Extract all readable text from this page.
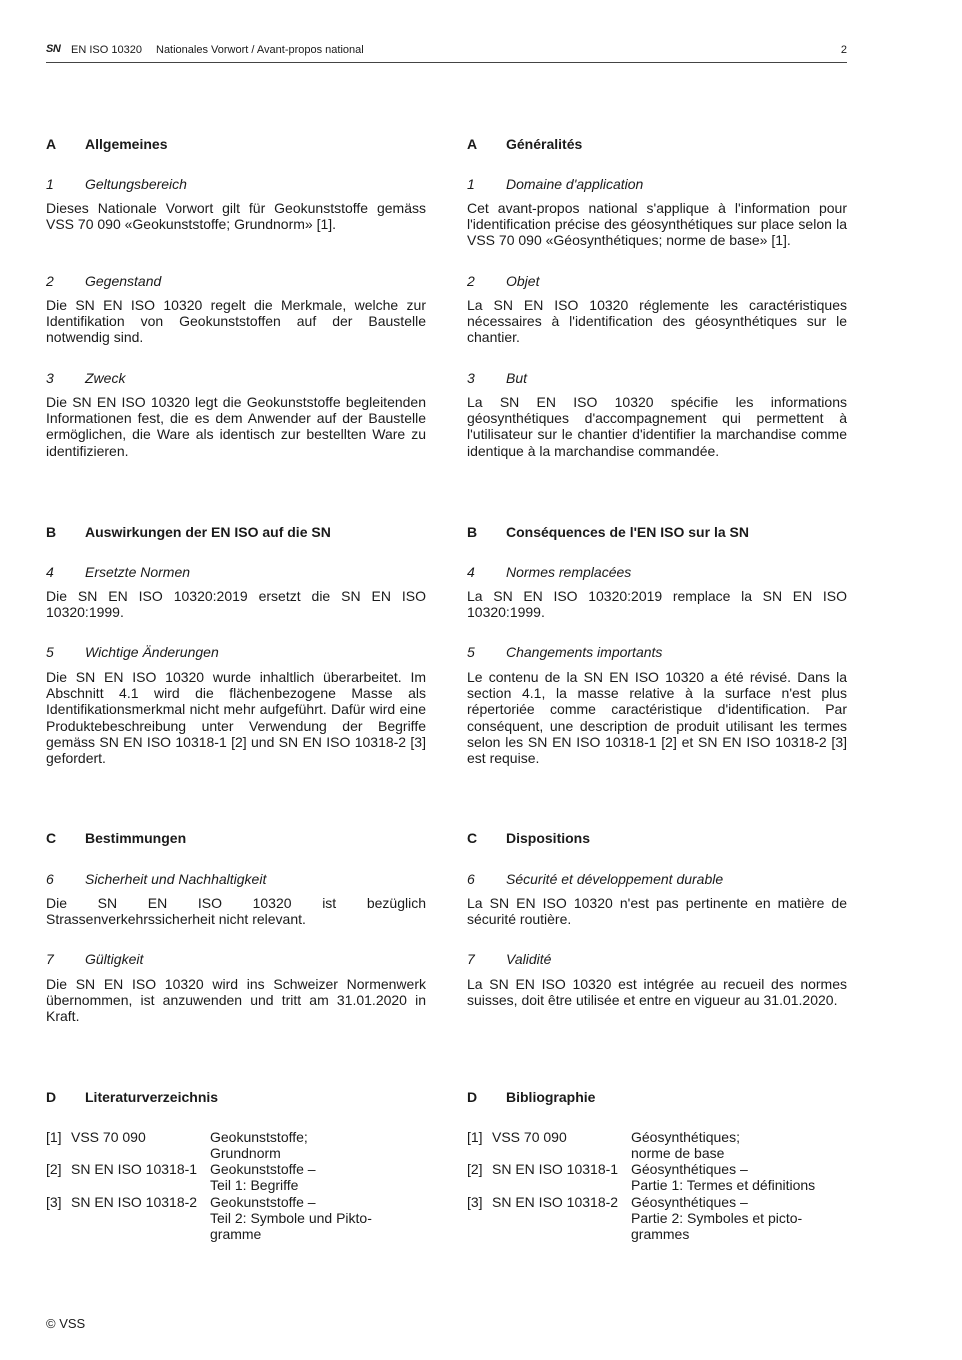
SN EN ISO 10320 Nationales Vorwort / Avant-propos national	2
A Allgemeines

1 Geltungsbereich

Dieses Nationale Vorwort gilt für Geokunststoffe gemäss VSS 70 090 «Geokunststoffe; Grundnorm» [1].
2 Gegenstand

Die SN EN ISO 10320 regelt die Merkmale, welche zur Identifikation von Geokunststoffen auf der Baustelle notwendig sind.
3 Zweck

Die SN EN ISO 10320 legt die Geokunststoffe begleitenden Informationen fest, die es dem Anwender auf der Baustelle ermöglichen, die Ware als identisch zur bestellten Ware zu identifizieren.
B Auswirkungen der EN ISO auf die SN

4 Ersetzte Normen

Die SN EN ISO 10320:2019 ersetzt die SN EN ISO 10320:1999.
5 Wichtige Änderungen

Die SN EN ISO 10320 wurde inhaltlich überarbeitet. Im Abschnitt 4.1 wird die flächenbezogene Masse als Identifikationsmerkmal nicht mehr aufgeführt. Dafür wird eine Produktebeschreibung unter Verwendung der Begriffe gemäss SN EN ISO 10318-1 [2] und SN EN ISO 10318-2 [3] gefordert.
C Bestimmungen

6 Sicherheit und Nachhaltigkeit

Die SN EN ISO 10320 ist bezüglich Strassenverkehrssicherheit nicht relevant.
7 Gültigkeit

Die SN EN ISO 10320 wird ins Schweizer Normenwerk übernommen, ist anzuwenden und tritt am 31.01.2020 in Kraft.
D Literaturverzeichnis

[1] VSS 70 090	Geokunststoffe;
Grundnorm
[2] SN EN ISO 10318-1 Geokunststoffe –
Teil 1: Begriffe
[3] SN EN ISO 10318-2 Geokunststoffe –
Teil 2: Symbole und Pikto-
gramme
A Généralités

1 Domaine d'application

Cet avant-propos national s'applique à l'information pour l'identification précise des géosynthétiques sur place selon la VSS 70 090 «Géosynthétiques; norme de base» [1].
2 Objet

La SN EN ISO 10320 réglemente les caractéristiques nécessaires à l'identification des géosynthétiques sur le chantier.
3 But

La SN EN ISO 10320 spécifie les informations géosynthétiques d'accompagnement qui permettent à l'utilisateur sur le chantier d'identifier la marchandise comme identique à la marchandise commandée.
B Conséquences de l'EN ISO sur la SN

4 Normes remplacées

La SN EN ISO 10320:2019 remplace la SN EN ISO 10320:1999.
5 Changements importants

Le contenu de la SN EN ISO 10320 a été révisé. Dans la section 4.1, la masse relative à la surface n'est plus répertoriée comme caractéristique d'identification. Par conséquent, une description de produit utilisant les termes selon les SN EN ISO 10318-1 [2] et SN EN ISO 10318-2 [3] est requise.
C Dispositions

6 Sécurité et développement durable

La SN EN ISO 10320 n'est pas pertinente en matière de sécurité routière.
7 Validité

La SN EN ISO 10320 est intégrée au recueil des normes suisses, doit être utilisée et entre en vigueur au 31.01.2020.
D Bibliographie

[1] VSS 70 090	Géosynthétiques;
norme de base
[2] SN EN ISO 10318-1 Géosynthétiques –
Partie 1: Termes et définitions
[3] SN EN ISO 10318-2 Géosynthétiques –
Partie 2: Symboles et picto-
grammes
© VSS
